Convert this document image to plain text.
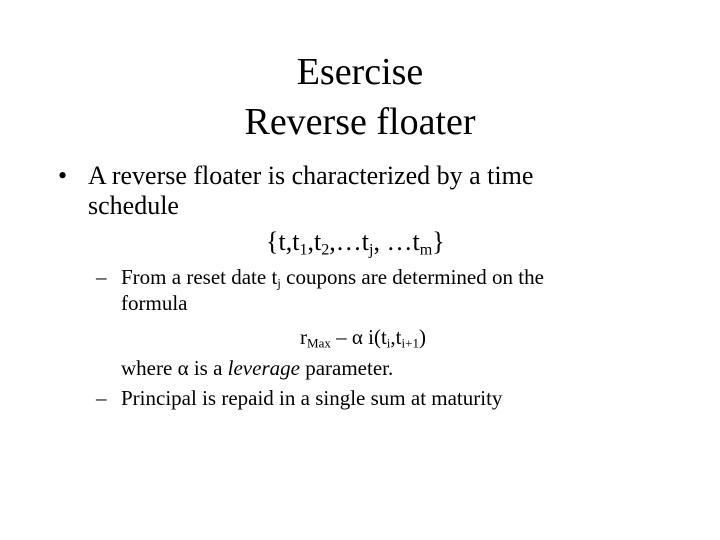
Esercise
Reverse floater
• A reverse floater is characterized by a time
schedule
{$t,t_1,t_2,\dots t_j$, $\dots t_m$}
– From a reset date $t_j$ coupons are determined on the
formula
$r_{Max}$ – α $i(t_i,t_{i+1})$
where α is a leverage parameter.
– Principal is repaid in a single sum at maturity
